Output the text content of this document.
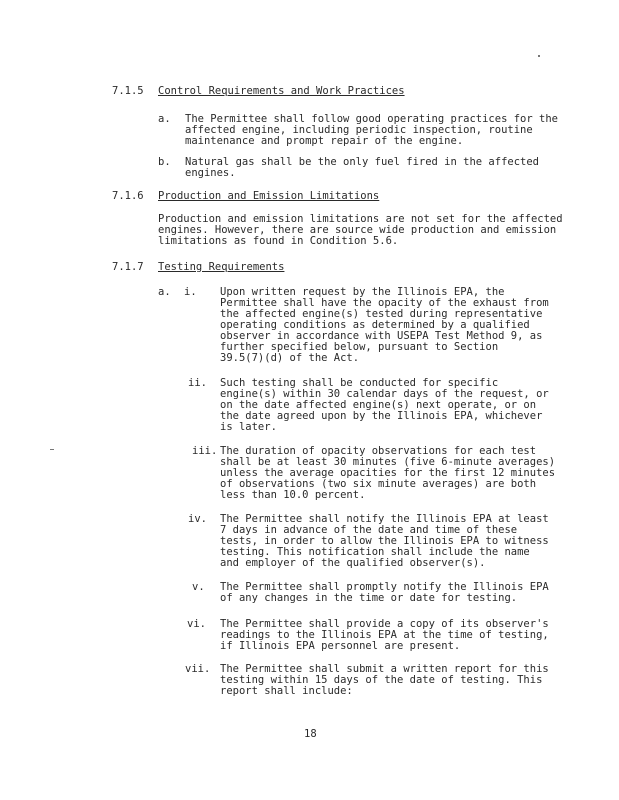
7.1.5 Control Requirements and Work Practices
a. The Permittee shall follow good operating practices for the
affected engine, including periodic inspection, routine
maintenance and prompt repair of the engine.
b. Natural gas shall be the only fuel fired in the affected
engines.
7.1.6 Production and Emission Limitations
Production and emission limitations are not set for the affected
engines. However, there are source wide production and emission
limitations as found in Condition 5.6.
7.1.7 Testing Requirements
a. i. Upon written request by the Illinois EPA, the
Permittee shall have the opacity of the exhaust from
the affected engine(s) tested during representative
operating conditions as determined by a qualified
observer in accordance with USEPA Test Method 9, as
further specified below, pursuant to Section
39.5(7)(d) of the Act.
ii. Such testing shall be conducted for specific
engine(s) within 30 calendar days of the request, or
on the date affected engine(s) next operate, or on
the date agreed upon by the Illinois EPA, whichever
is later.
iii. The duration of opacity observations for each test
shall be at least 30 minutes (five 6-minute averages)
unless the average opacities for the first 12 minutes
of observations (two six minute averages) are both
less than 10.0 percent.
iv. The Permittee shall notify the Illinois EPA at least
7 days in advance of the date and time of these
tests, in order to allow the Illinois EPA to witness
testing. This notification shall include the name
and employer of the qualified observer(s).
v. The Permittee shall promptly notify the Illinois EPA
of any changes in the time or date for testing.
vi. The Permittee shall provide a copy of its observer's
readings to the Illinois EPA at the time of testing,
if Illinois EPA personnel are present.
vii. The Permittee shall submit a written report for this
testing within 15 days of the date of testing. This
report shall include:
18
